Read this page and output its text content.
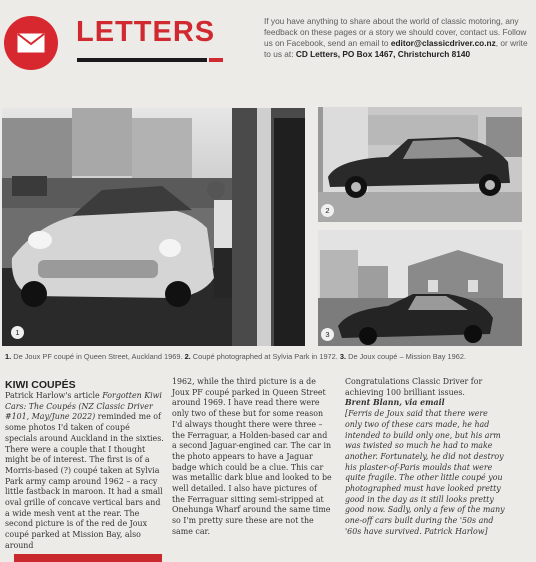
LETTERS	If you have anything to share about the world of classic motoring, any feedback on these pages or a story we should cover, contact us. Follow us on Facebook, send an email to editor@classicdriver.co.nz, or write to us at: CD Letters, PO Box 1467, Christchurch 8140

1
2
3

1. De Joux PF coupé in Queen Street, Auckland 1969. 2. Coupé photographed at Sylvia Park in 1972. 3. De Joux coupé – Mission Bay 1962.

KIWI COUPÉS

Patrick Harlow's article Forgotten Kiwi Cars: The Coupés (NZ Classic Driver #101, May/June 2022) reminded me of some photos I'd taken of coupé specials around Auckland in the sixties. There were a couple that I thought might be of interest. The first is of a Morris-based (?) coupé taken at Sylvia Park army camp around 1962 – a racy little fastback in maroon. It had a small oval grille of concave vertical bars and a wide mesh vent at the rear. The second picture is of the red de Joux coupé parked at Mission Bay, also around

1962, while the third picture is a de Joux PF coupé parked in Queen Street around 1969. I have read there were only two of these but for some reason I'd always thought there were three – the Ferraguar, a Holden-based car and a second Jaguar-engined car. The car in the photo appears to have a Jaguar badge which could be a clue. This car was metallic dark blue and looked to be well detailed. I also have pictures of the Ferraguar sitting semi-stripped at Onehunga Wharf around the same time so I'm pretty sure these are not the same car.

Congratulations Classic Driver for achieving 100 brilliant issues.

Brent Blann, via email

[Ferris de Joux said that there were only two of these cars made, he had intended to build only one, but his arm was twisted so much he had to make another. Fortunately, he did not destroy his plaster-of-Paris moulds that were quite fragile. The other little coupé you photographed must have looked pretty good in the day as it still looks pretty good now. Sadly, only a few of the many one-off cars built during the '50s and '60s have survived. Patrick Harlow]
